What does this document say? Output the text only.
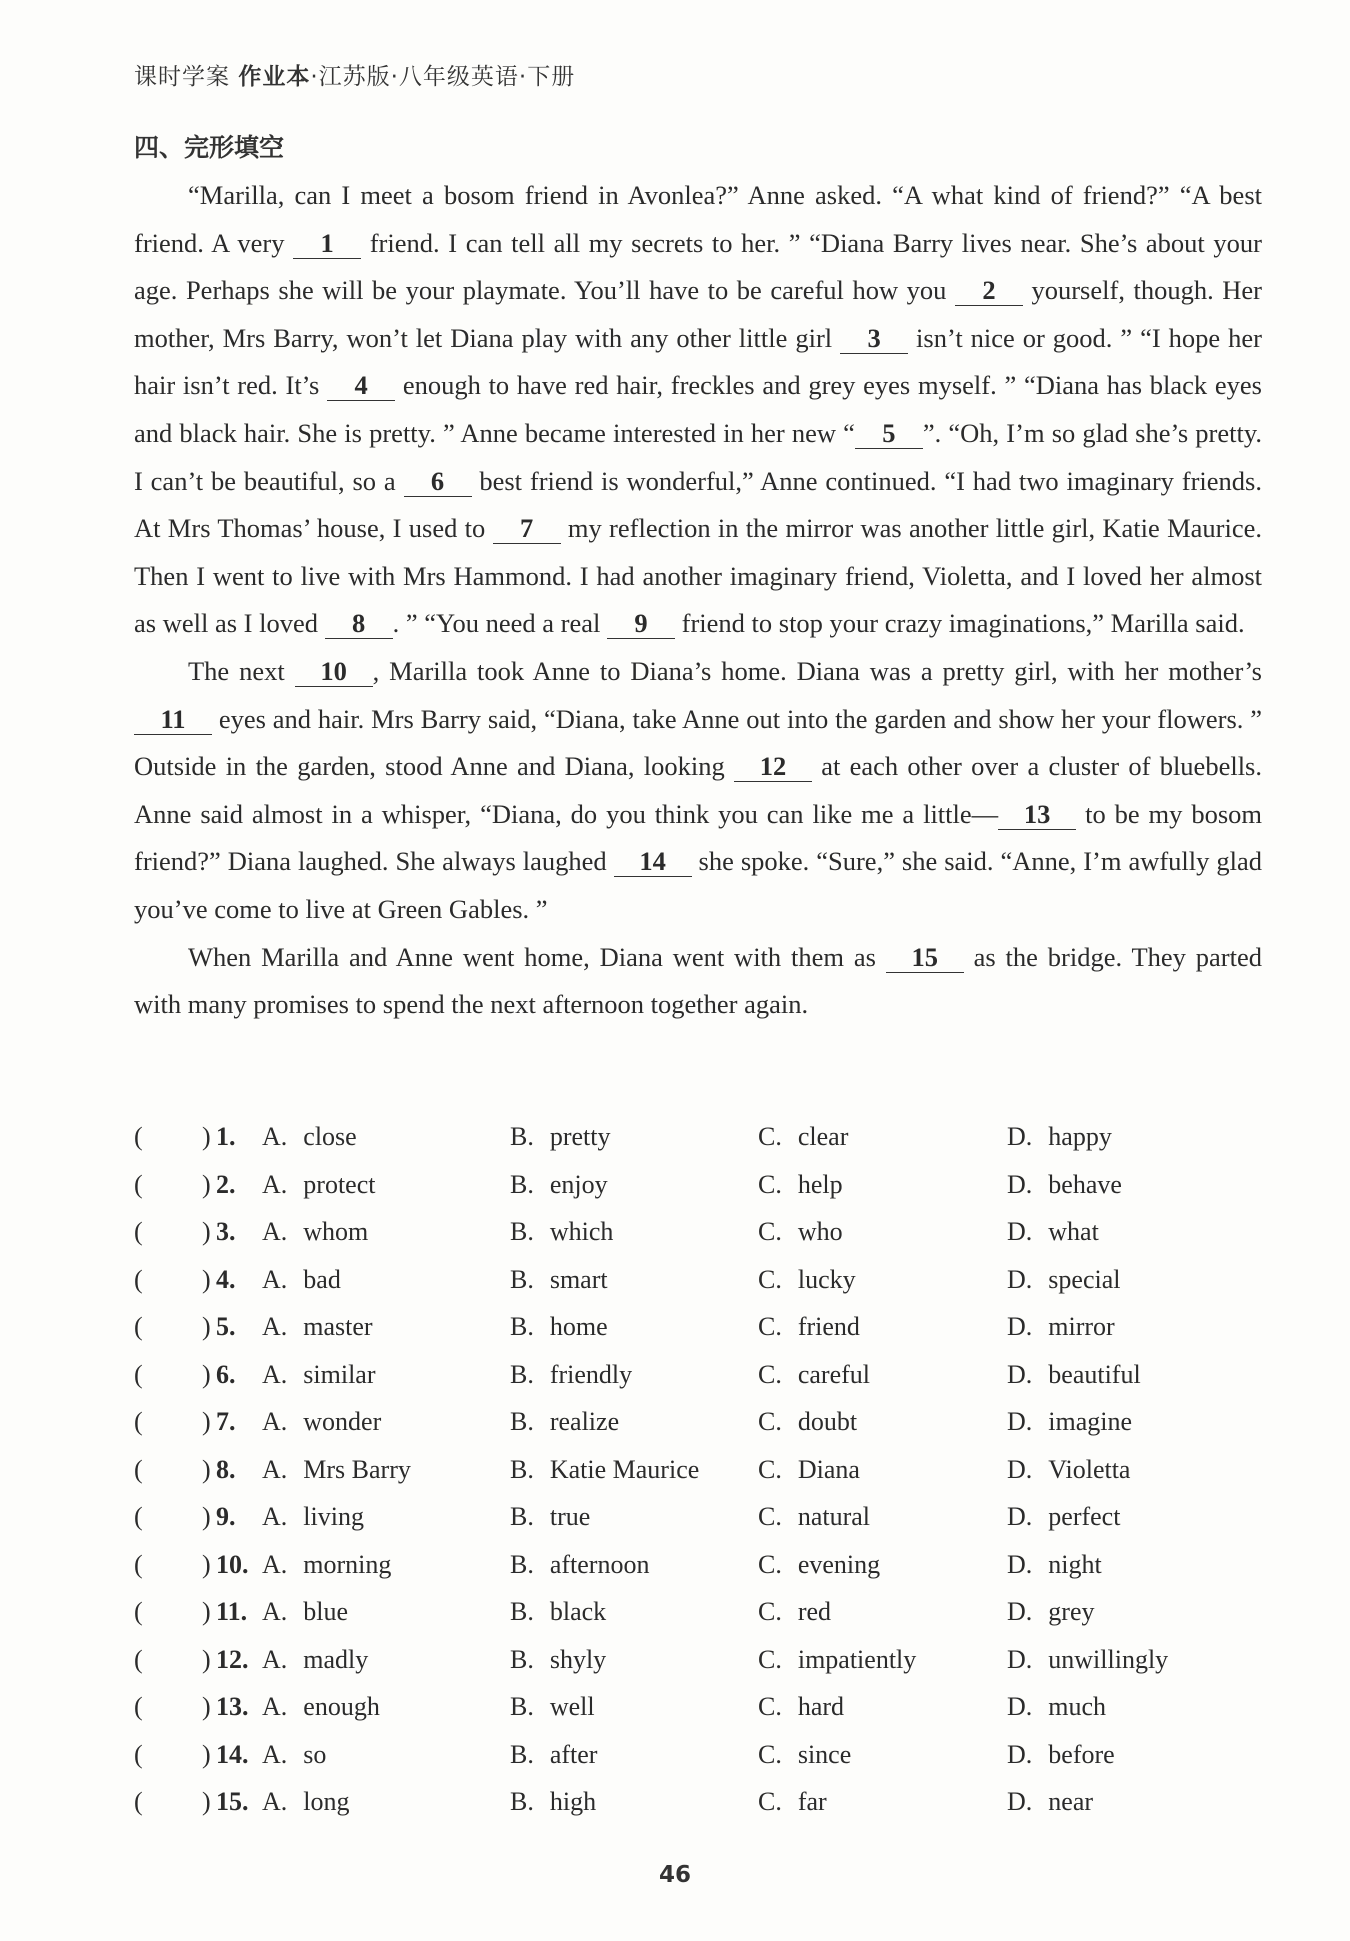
课时学案 作业本·江苏版·八年级英语·下册
四、完形填空

“Marilla, can I meet a bosom friend in Avonlea?” Anne asked. “A what kind of friend?” “A best friend. A very 1 friend. I can tell all my secrets to her. ” “Diana Barry lives near. She’s about your age. Perhaps she will be your playmate. You’ll have to be careful how you 2 yourself, though. Her mother, Mrs Barry, won’t let Diana play with any other little girl 3 isn’t nice or good. ” “I hope her hair isn’t red. It’s 4 enough to have red hair, freckles and grey eyes myself. ” “Diana has black eyes and black hair. She is pretty. ” Anne became interested in her new “ 5 ”. “Oh, I’m so glad she’s pretty. I can’t be beautiful, so a 6 best friend is wonderful,” Anne continued. “I had two imaginary friends. At Mrs Thomas’ house, I used to 7 my reflection in the mirror was another little girl, Katie Maurice. Then I went to live with Mrs Hammond. I had another imaginary friend, Violetta, and I loved her almost as well as I loved 8 . ” “You need a real 9 friend to stop your crazy imaginations,” Marilla said.

The next 10 , Marilla took Anne to Diana’s home. Diana was a pretty girl, with her mother’s 11 eyes and hair. Mrs Barry said, “Diana, take Anne out into the garden and show her your flowers. ” Outside in the garden, stood Anne and Diana, looking 12 at each other over a cluster of bluebells. Anne said almost in a whisper, “Diana, do you think you can like me a little— 13 to be my bosom friend?” Diana laughed. She always laughed 14 she spoke. “Sure,” she said. “Anne, I’m awfully glad you’ve come to live at Green Gables. ”

When Marilla and Anne went home, Diana went with them as 15 as the bridge. They parted with many promises to spend the next afternoon together again.

( ) 1. A. close	B. pretty	C. clear	D. happy
( ) 2. A. protect	B. enjoy	C. help	D. behave
( ) 3. A. whom	B. which	C. who	D. what
( ) 4. A. bad	B. smart	C. lucky	D. special
( ) 5. A. master	B. home	C. friend	D. mirror
( ) 6. A. similar	B. friendly	C. careful	D. beautiful
( ) 7. A. wonder	B. realize	C. doubt	D. imagine
( ) 8. A. Mrs Barry	B. Katie Maurice C. Diana	D. Violetta
( ) 9. A. living	B. true	C. natural	D. perfect
( ) 10. A. morning	B. afternoon	C. evening	D. night
( ) 11. A. blue	B. black	C. red	D. grey
( ) 12. A. madly	B. shyly	C. impatiently	D. unwillingly
( ) 13. A. enough	B. well	C. hard	D. much
( ) 14. A. so	B. after	C. since	D. before
( ) 15. A. long	B. high	C. far	D. near
46
